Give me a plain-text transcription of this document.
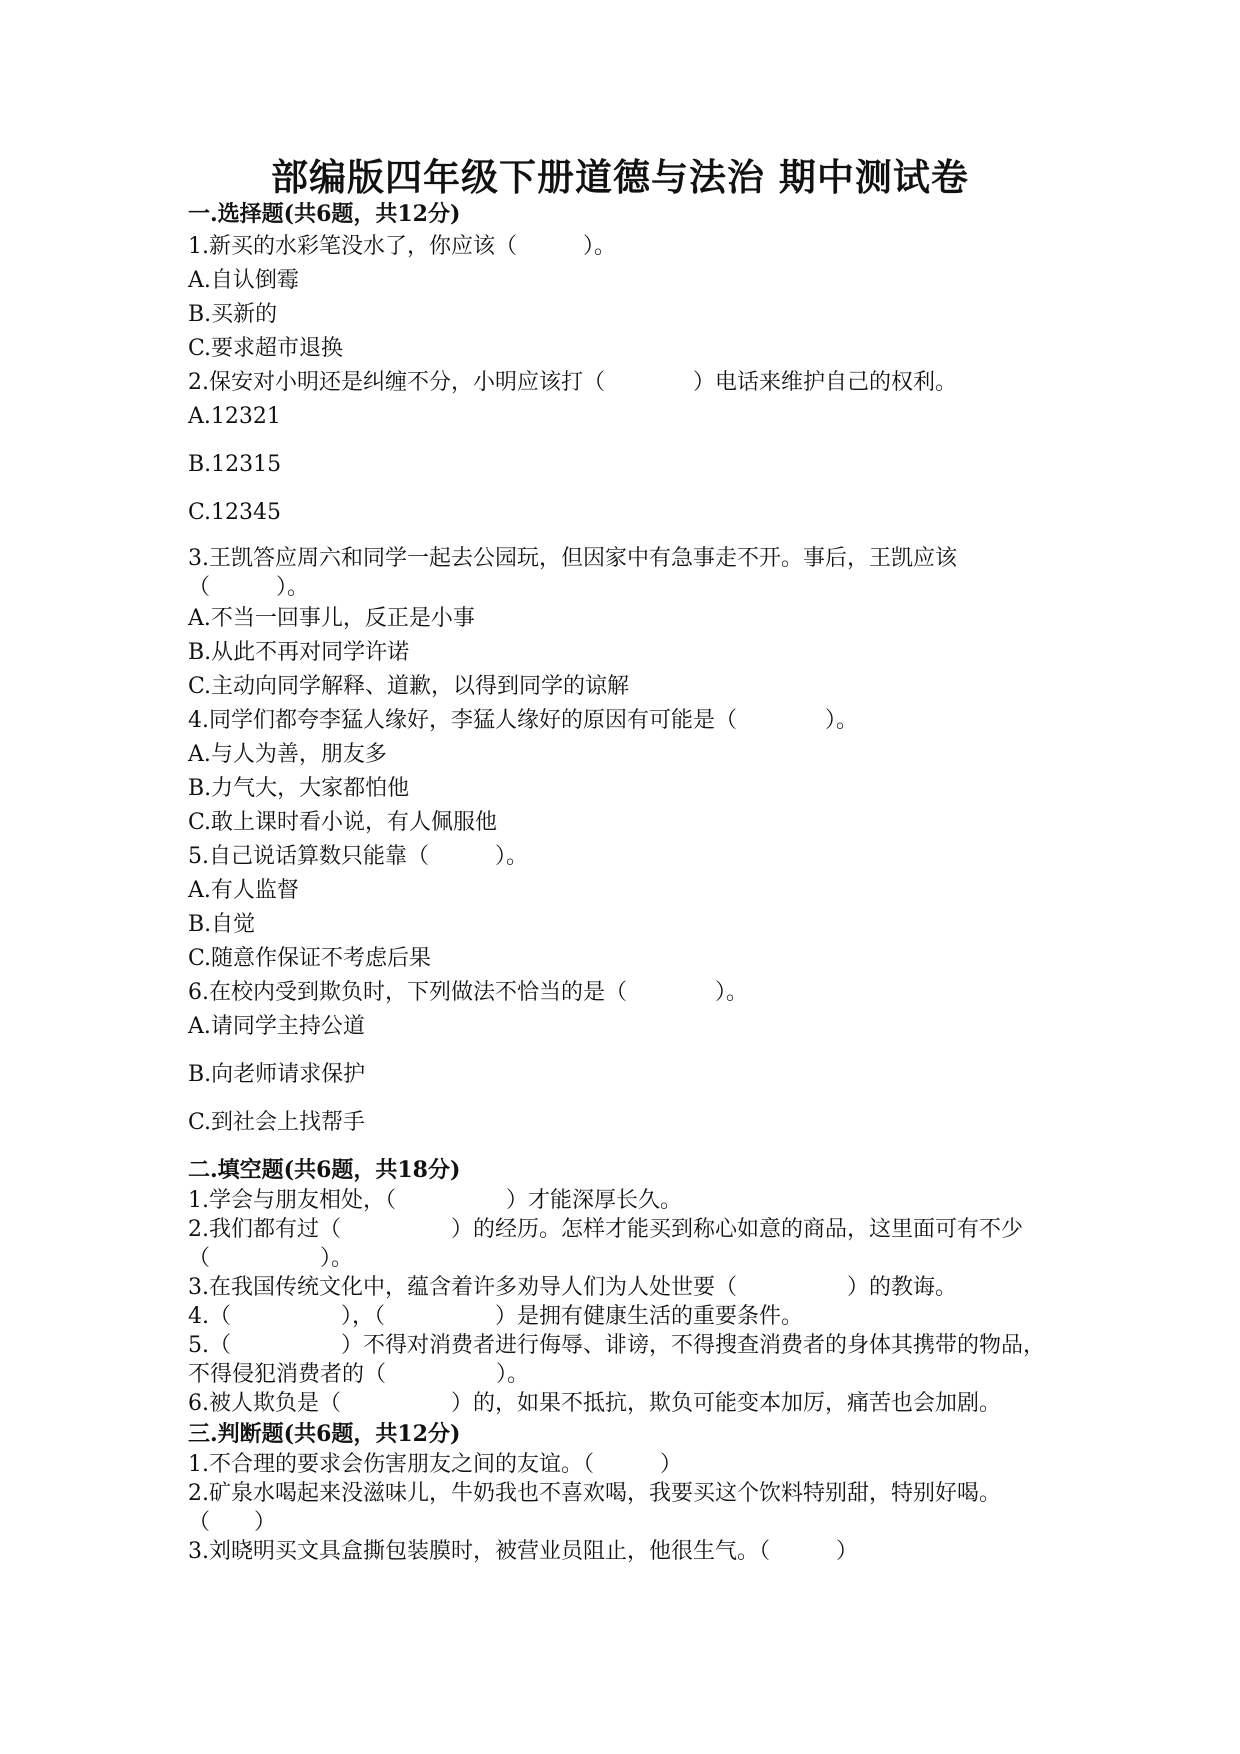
部编版四年级下册道德与法治 期中测试卷
一.选择题(共6题，共12分)
1.新买的水彩笔没水了，你应该（　　　）。
A.自认倒霉
B.买新的
C.要求超市退换
2.保安对小明还是纠缠不分，小明应该打（　　　　）电话来维护自己的权利。
A.12321
B.12315
C.12345
3.王凯答应周六和同学一起去公园玩，但因家中有急事走不开。事后，王凯应该（　　　）。
A.不当一回事儿，反正是小事
B.从此不再对同学许诺
C.主动向同学解释、道歉，以得到同学的谅解
4.同学们都夸李猛人缘好，李猛人缘好的原因有可能是（　　　　）。
A.与人为善，朋友多
B.力气大，大家都怕他
C.敢上课时看小说，有人佩服他
5.自己说话算数只能靠（　　　）。
A.有人监督
B.自觉
C.随意作保证不考虑后果
6.在校内受到欺负时，下列做法不恰当的是（　　　　）。
A.请同学主持公道
B.向老师请求保护
C.到社会上找帮手
二.填空题(共6题，共18分)
1.学会与朋友相处，（　　　　　）才能深厚长久。
2.我们都有过（　　　　　）的经历。怎样才能买到称心如意的商品，这里面可有不少（　　　　　）。
3.在我国传统文化中，蕴含着许多劝导人们为人处世要（　　　　　）的教诲。
4.（　　　　　），（　　　　　）是拥有健康生活的重要条件。
5.（　　　　　）不得对消费者进行侮辱、诽谤，不得搜查消费者的身体其携带的物品，不得侵犯消费者的（　　　　　）。
6.被人欺负是（　　　　　）的，如果不抵抗，欺负可能变本加厉，痛苦也会加剧。
三.判断题(共6题，共12分)
1.不合理的要求会伤害朋友之间的友谊。（　　　）
2.矿泉水喝起来没滋味儿，牛奶我也不喜欢喝，我要买这个饮料特别甜，特别好喝。（　　）
3.刘晓明买文具盒撕包装膜时，被营业员阻止，他很生气。（　　　）
